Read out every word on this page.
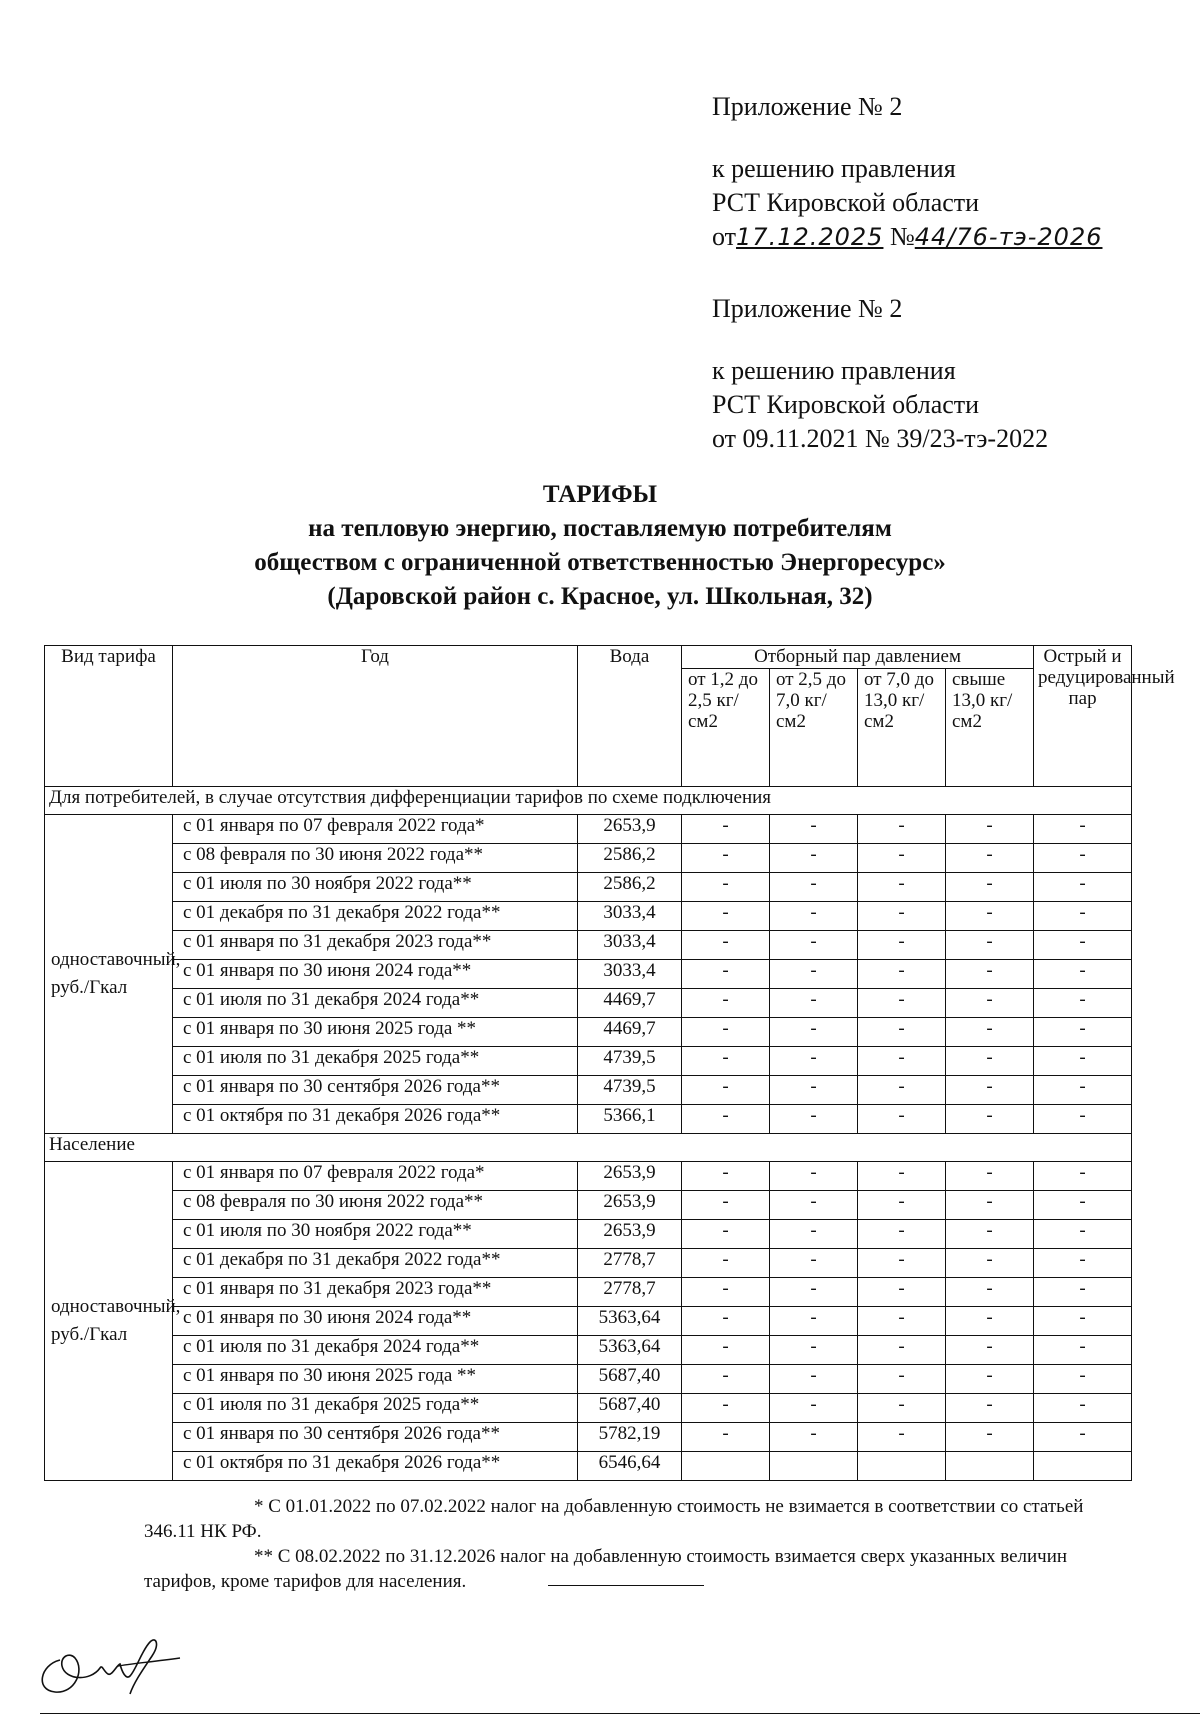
Приложение № 2
к решению правления
РСТ Кировской области
от17.12.2025 №44/76-тэ-2026
Приложение № 2
к решению правления
РСТ Кировской области
от 09.11.2021 № 39/23-тэ-2022
ТАРИФЫ
на тепловую энергию, поставляемую потребителям
обществом с ограниченной ответственностью Энергоресурс»
(Даровской район с. Красное, ул. Школьная, 32)
Вид тарифа	Год	Вода	Отборный пар давлением				Острый и редуцированный пар
			от 1,2 до 2,5 кг/см2	от 2,5 до 7,0 кг/см2	от 7,0 до 13,0 кг/см2	свыше 13,0 кг/см2	
Для потребителей, в случае отсутствия дифференциации тарифов по схеме подключения							
одноставочный, руб./Гкал	с 01 января по 07 февраля 2022 года*	2653,9	-	-	-	-	-
	с 08 февраля по 30 июня 2022 года**	2586,2	-	-	-	-	-
	с 01 июля по 30 ноября 2022 года**	2586,2	-	-	-	-	-
	с 01 декабря по 31 декабря 2022 года**	3033,4	-	-	-	-	-
	с 01 января по 31 декабря 2023 года**	3033,4	-	-	-	-	-
	с 01 января по 30 июня 2024 года**	3033,4	-	-	-	-	-
	с 01 июля по 31 декабря 2024 года**	4469,7	-	-	-	-	-
	с 01 января по 30 июня 2025 года **	4469,7	-	-	-	-	-
	с 01 июля по 31 декабря 2025 года**	4739,5	-	-	-	-	-
	с 01 января по 30 сентября 2026 года**	4739,5	-	-	-	-	-
	с 01 октября по 31 декабря 2026 года**	5366,1	-	-	-	-	-
Население							
одноставочный, руб./Гкал	с 01 января по 07 февраля 2022 года*	2653,9	-	-	-	-	-
	с 08 февраля по 30 июня 2022 года**	2653,9	-	-	-	-	-
	с 01 июля по 30 ноября 2022 года**	2653,9	-	-	-	-	-
	с 01 декабря по 31 декабря 2022 года**	2778,7	-	-	-	-	-
	с 01 января по 31 декабря 2023 года**	2778,7	-	-	-	-	-
	с 01 января по 30 июня 2024 года**	5363,64	-	-	-	-	-
	с 01 июля по 31 декабря 2024 года**	5363,64	-	-	-	-	-
	с 01 января по 30 июня 2025 года **	5687,40	-	-	-	-	-
	с 01 июля по 31 декабря 2025 года**	5687,40	-	-	-	-	-
	с 01 января по 30 сентября 2026 года**	5782,19	-	-	-	-	-
	с 01 октября по 31 декабря 2026 года**	6546,64					

* С 01.01.2022 по 07.02.2022 налог на добавленную стоимость не взимается в соответствии со статьей 346.11 НК РФ.

** С 08.02.2022 по 31.12.2026 налог на добавленную стоимость взимается сверх указанных величин тарифов, кроме тарифов для населения.
